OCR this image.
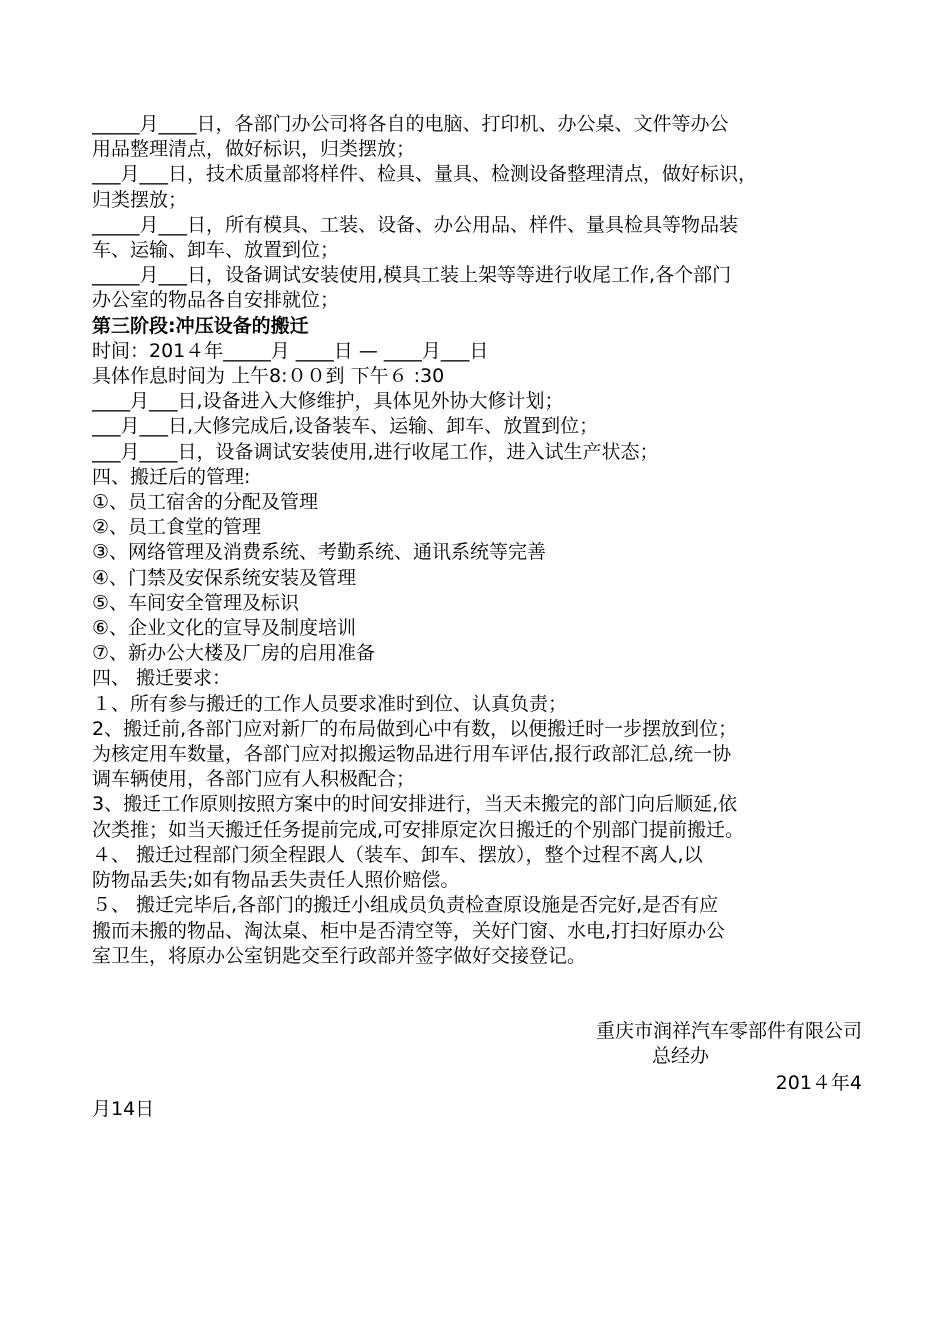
_____月____日，各部门办公司将各自的电脑、打印机、办公桌、文件等办公
用品整理清点，做好标识，归类摆放；
___月___日，技术质量部将样件、检具、量具、检测设备整理清点，做好标识，
归类摆放；
_____月___日，所有模具、工装、设备、办公用品、样件、量具检具等物品装
车、运输、卸车、放置到位；
_____月___日，设备调试安装使用,模具工装上架等等进行收尾工作,各个部门
办公室的物品各自安排就位；
第三阶段:冲压设备的搬迁
时间：201４年_____月 ____日 — ____月___日
具体作息时间为 上午8:００到 下午６ :30
____月___日,设备进入大修维护，具体见外协大修计划；
___月___日,大修完成后,设备装车、运输、卸车、放置到位；
___月____日，设备调试安装使用,进行收尾工作，进入试生产状态；
四、搬迁后的管理:
①、员工宿舍的分配及管理
②、员工食堂的管理
③、网络管理及消费系统、考勤系统、通讯系统等完善
④、门禁及安保系统安装及管理
⑤、车间安全管理及标识
⑥、企业文化的宣导及制度培训
⑦、新办公大楼及厂房的启用准备
四、 搬迁要求：
１、所有参与搬迁的工作人员要求准时到位、认真负责；
2、搬迁前,各部门应对新厂的布局做到心中有数，以便搬迁时一步摆放到位；
为核定用车数量，各部门应对拟搬运物品进行用车评估,报行政部汇总,统一协
调车辆使用，各部门应有人积极配合；
3、搬迁工作原则按照方案中的时间安排进行，当天未搬完的部门向后顺延,依
次类推；如当天搬迁任务提前完成,可安排原定次日搬迁的个别部门提前搬迁。
４、 搬迁过程部门须全程跟人（装车、卸车、摆放），整个过程不离人,以
防物品丢失;如有物品丢失责任人照价赔偿。
５、 搬迁完毕后,各部门的搬迁小组成员负责检查原设施是否完好,是否有应
搬而未搬的物品、淘汰桌、柜中是否清空等，关好门窗、水电,打扫好原办公
室卫生，将原办公室钥匙交至行政部并签字做好交接登记。
重庆市润祥汽车零部件有限公司
总经办
201４年4
月14日
